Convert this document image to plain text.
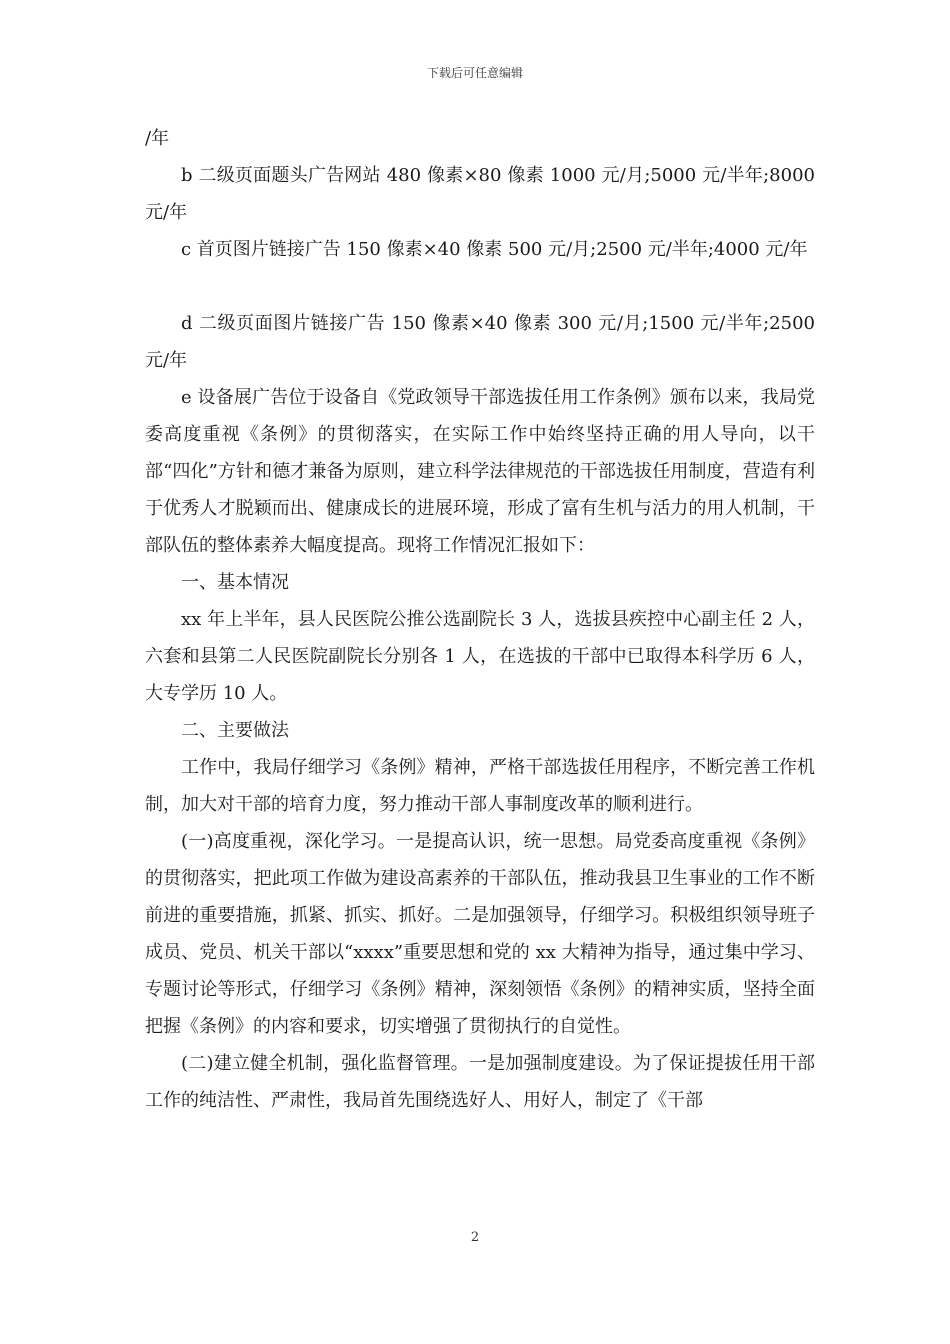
下载后可任意编辑

/年

b 二级页面题头广告网站 480 像素×80 像素 1000 元/月;5000 元/半年;8000 元/年

c 首页图片链接广告 150 像素×40 像素 500 元/月;2500 元/半年;4000 元/年

d 二级页面图片链接广告 150 像素×40 像素 300 元/月;1500 元/半年;2500 元/年

e 设备展广告位于设备自《党政领导干部选拔任用工作条例》颁布以来，我局党委高度重视《条例》的贯彻落实，在实际工作中始终坚持正确的用人导向，以干部“四化”方针和德才兼备为原则，建立科学法律规范的干部选拔任用制度，营造有利于优秀人才脱颖而出、健康成长的进展环境，形成了富有生机与活力的用人机制，干部队伍的整体素养大幅度提高。现将工作情况汇报如下：

一、基本情况

xx 年上半年，县人民医院公推公选副院长 3 人，选拔县疾控中心副主任 2 人，六套和县第二人民医院副院长分别各 1 人，在选拔的干部中已取得本科学历 6 人，大专学历 10 人。

二、主要做法

工作中，我局仔细学习《条例》精神，严格干部选拔任用程序，不断完善工作机制，加大对干部的培育力度，努力推动干部人事制度改革的顺利进行。

(一)高度重视，深化学习。一是提高认识，统一思想。局党委高度重视《条例》的贯彻落实，把此项工作做为建设高素养的干部队伍，推动我县卫生事业的工作不断前进的重要措施，抓紧、抓实、抓好。二是加强领导，仔细学习。积极组织领导班子成员、党员、机关干部以“xxxx”重要思想和党的 xx 大精神为指导，通过集中学习、专题讨论等形式，仔细学习《条例》精神，深刻领悟《条例》的精神实质，坚持全面把握《条例》的内容和要求，切实增强了贯彻执行的自觉性。

(二)建立健全机制，强化监督管理。一是加强制度建设。为了保证提拔任用干部工作的纯洁性、严肃性，我局首先围绕选好人、用好人，制定了《干部

2
